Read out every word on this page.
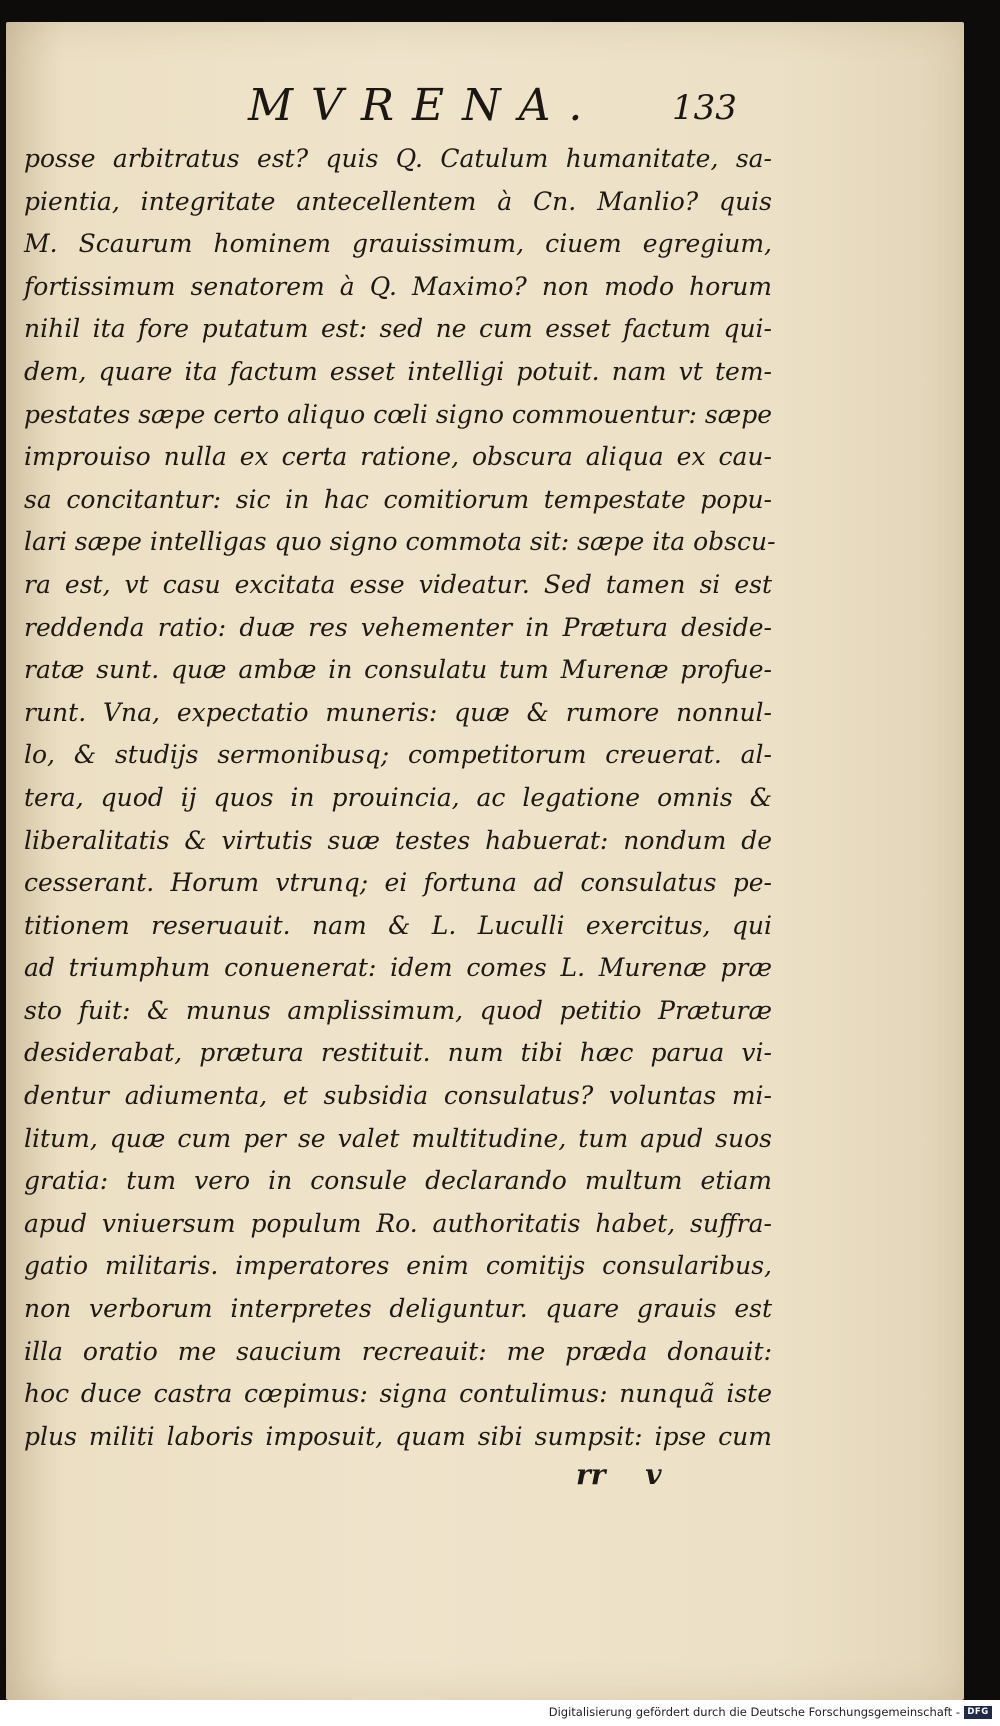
MVRENA. 133
posse arbitratus est? quis Q. Catulum humanitate, sa-
pientia, integritate antecellentem à Cn. Manlio? quis
M. Scaurum hominem grauissimum, ciuem egregium,
fortissimum senatorem à Q. Maximo? non modo horum
nihil ita fore putatum est: sed ne cum esset factum qui-
dem, quare ita factum esset intelligi potuit. nam vt tem-
pestates sæpe certo aliquo cœli signo commouentur: sæpe
improuiso nulla ex certa ratione, obscura aliqua ex cau-
sa concitantur: sic in hac comitiorum tempestate popu-
lari sæpe intelligas quo signo commota sit: sæpe ita obscu-
ra est, vt casu excitata esse videatur. Sed tamen si est
reddenda ratio: duæ res vehementer in Prætura deside-
ratæ sunt. quæ ambæ in consulatu tum Murenæ profue-
runt. Vna, expectatio muneris: quæ & rumore nonnul-
lo, & studijs sermonibusq; competitorum creuerat. al-
tera, quod ij quos in prouincia, ac legatione omnis &
liberalitatis & virtutis suæ testes habuerat: nondum de
cesserant. Horum vtrunq; ei fortuna ad consulatus pe-
titionem reseruauit. nam & L. Luculli exercitus, qui
ad triumphum conuenerat: idem comes L. Murenæ præ
sto fuit: & munus amplissimum, quod petitio Præturæ
desiderabat, prætura restituit. num tibi hæc parua vi-
dentur adiumenta, et subsidia consulatus? voluntas mi-
litum, quæ cum per se valet multitudine, tum apud suos
gratia: tum vero in consule declarando multum etiam
apud vniuersum populum Ro. authoritatis habet, suffra-
gatio militaris. imperatores enim comitijs consularibus,
non verborum interpretes deliguntur. quare grauis est
illa oratio me saucium recreauit: me præda donauit:
hoc duce castra cœpimus: signa contulimus: nunquã iste
plus militi laboris imposuit, quam sibi sumpsit: ipse cum
rr v
Digitalisierung gefördert durch die Deutsche Forschungsgemeinschaft - DFG
